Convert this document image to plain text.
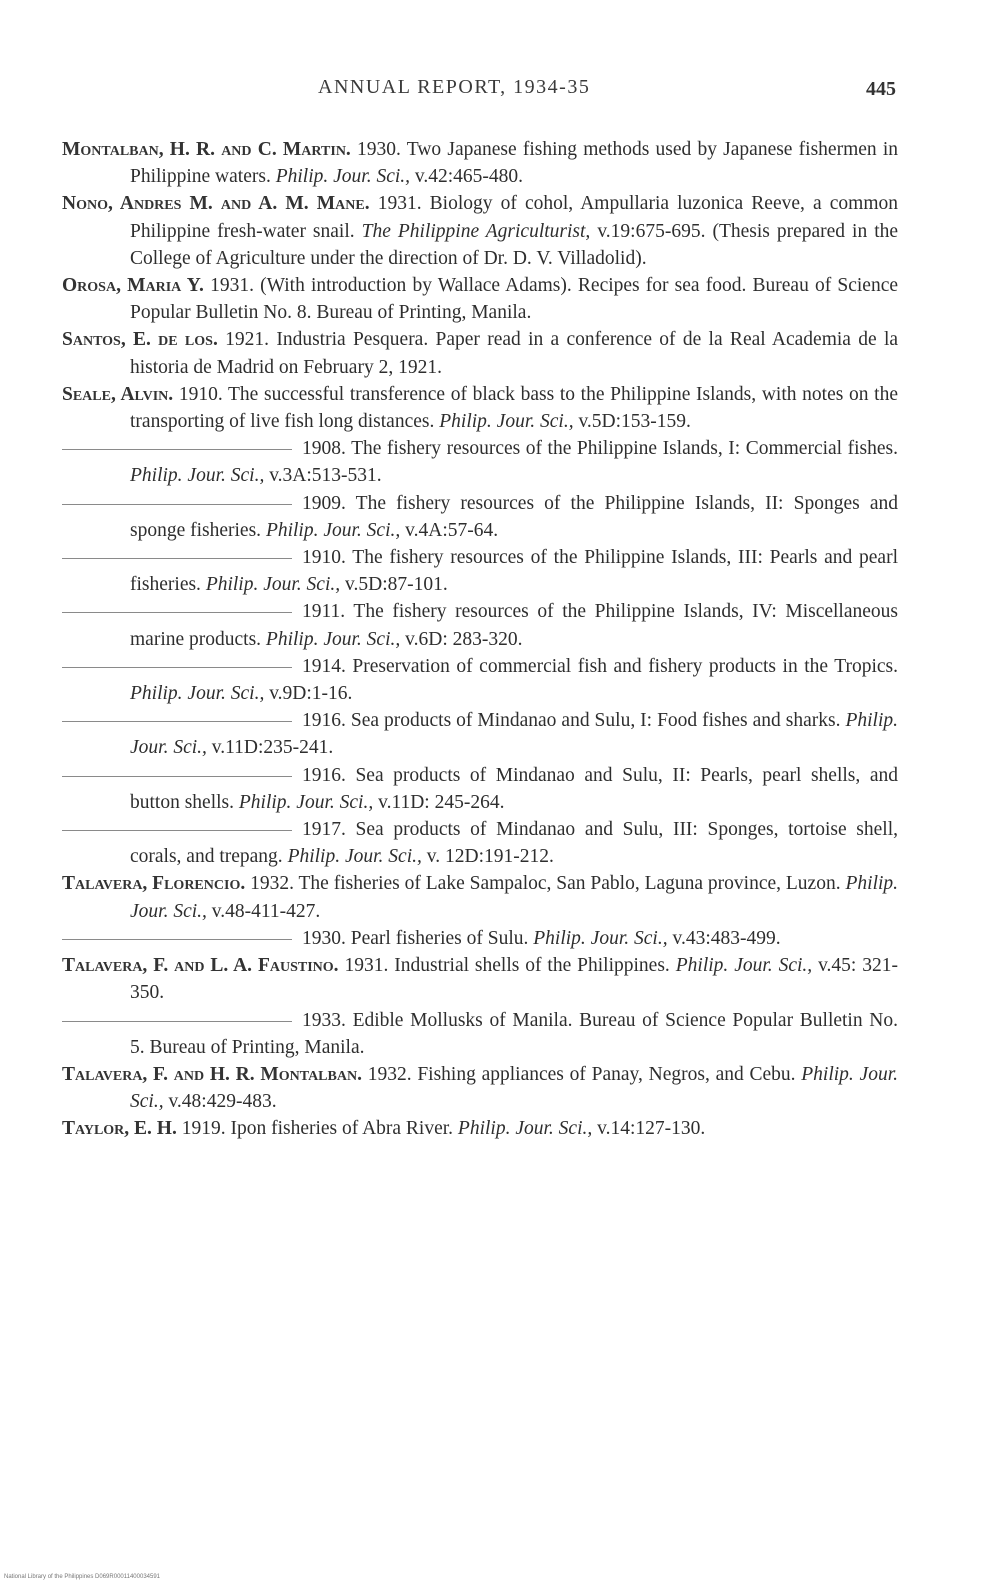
ANNUAL REPORT, 1934-35	445

Montalban, H. R. and C. Martin. 1930. Two Japanese fishing methods used by Japanese fishermen in Philippine waters. Philip. Jour. Sci., v.42:465-480.

Nono, Andres M. and A. M. Mane. 1931. Biology of cohol, Ampullaria luzonica Reeve, a common Philippine fresh-water snail. The Philippine Agriculturist, v.19:675-695. (Thesis prepared in the College of Agriculture under the direction of Dr. D. V. Villadolid).

Orosa, Maria Y. 1931. (With introduction by Wallace Adams). Recipes for sea food. Bureau of Science Popular Bulletin No. 8. Bureau of Printing, Manila.

Santos, E. de los. 1921. Industria Pesquera. Paper read in a conference of de la Real Academia de la historia de Madrid on February 2, 1921.

Seale, Alvin. 1910. The successful transference of black bass to the Philippine Islands, with notes on the transporting of live fish long distances. Philip. Jour. Sci., v.5D:153-159.

1908. The fishery resources of the Philippine Islands, I: Commercial fishes. Philip. Jour. Sci., v.3A:513-531.

1909. The fishery resources of the Philippine Islands, II: Sponges and sponge fisheries. Philip. Jour. Sci., v.4A:57-64.

1910. The fishery resources of the Philippine Islands, III: Pearls and pearl fisheries. Philip. Jour. Sci., v.5D:87-101.

1911. The fishery resources of the Philippine Islands, IV: Miscellaneous marine products. Philip. Jour. Sci., v.6D: 283-320.

1914. Preservation of commercial fish and fishery products in the Tropics. Philip. Jour. Sci., v.9D:1-16.

1916. Sea products of Mindanao and Sulu, I: Food fishes and sharks. Philip. Jour. Sci., v.11D:235-241.

1916. Sea products of Mindanao and Sulu, II: Pearls, pearl shells, and button shells. Philip. Jour. Sci., v.11D: 245-264.

1917. Sea products of Mindanao and Sulu, III: Sponges, tortoise shell, corals, and trepang. Philip. Jour. Sci., v. 12D:191-212.

Talavera, Florencio. 1932. The fisheries of Lake Sampaloc, San Pablo, Laguna province, Luzon. Philip. Jour. Sci., v.48-411-427.

1930. Pearl fisheries of Sulu. Philip. Jour. Sci., v.43:483-499.

Talavera, F. and L. A. Faustino. 1931. Industrial shells of the Philippines. Philip. Jour. Sci., v.45: 321-350.

1933. Edible Mollusks of Manila. Bureau of Science Popular Bulletin No. 5. Bureau of Printing, Manila.

Talavera, F. and H. R. Montalban. 1932. Fishing appliances of Panay, Negros, and Cebu. Philip. Jour. Sci., v.48:429-483.

Taylor, E. H. 1919. Ipon fisheries of Abra River. Philip. Jour. Sci., v.14:127-130.

National Library of the Philippines D069R00011400034591
